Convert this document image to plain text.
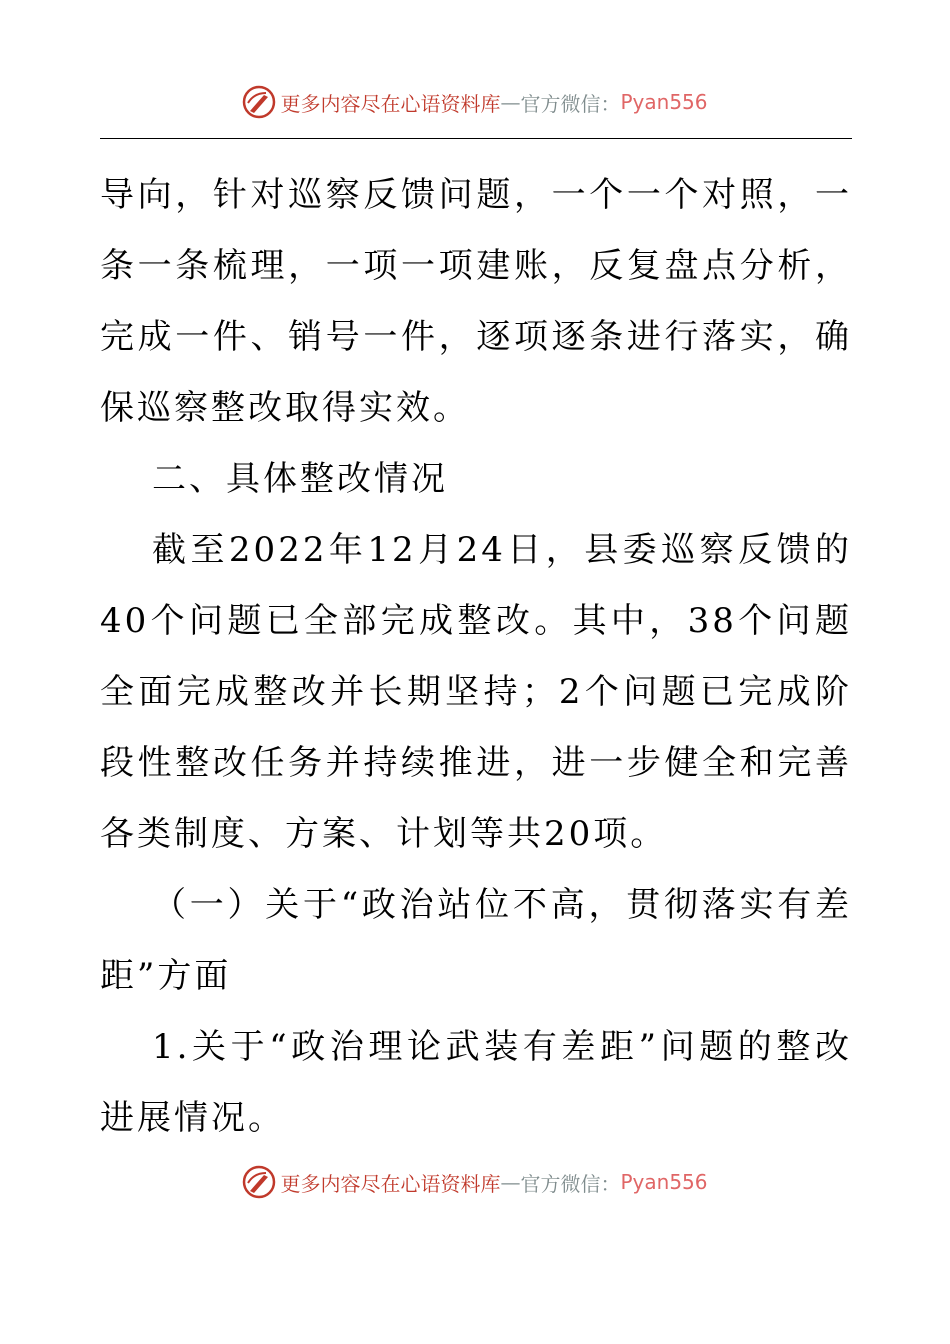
更多内容尽在心语资料库 — 官方微信： Pyan556

导向，针对巡察反馈问题，一个一个对照，一条一条梳理，一项一项建账，反复盘点分析，完成一件、销号一件，逐项逐条进行落实，确保巡察整改取得实效。

二、具体整改情况

截至2022年12月24日，县委巡察反馈的40个问题已全部完成整改。其中，38个问题全面完成整改并长期坚持；2个问题已完成阶段性整改任务并持续推进，进一步健全和完善各类制度、方案、计划等共20项。

（一）关于“政治站位不高，贯彻落实有差距”方面

1.关于“政治理论武装有差距”问题的整改进展情况。

更多内容尽在心语资料库 — 官方微信： Pyan556
